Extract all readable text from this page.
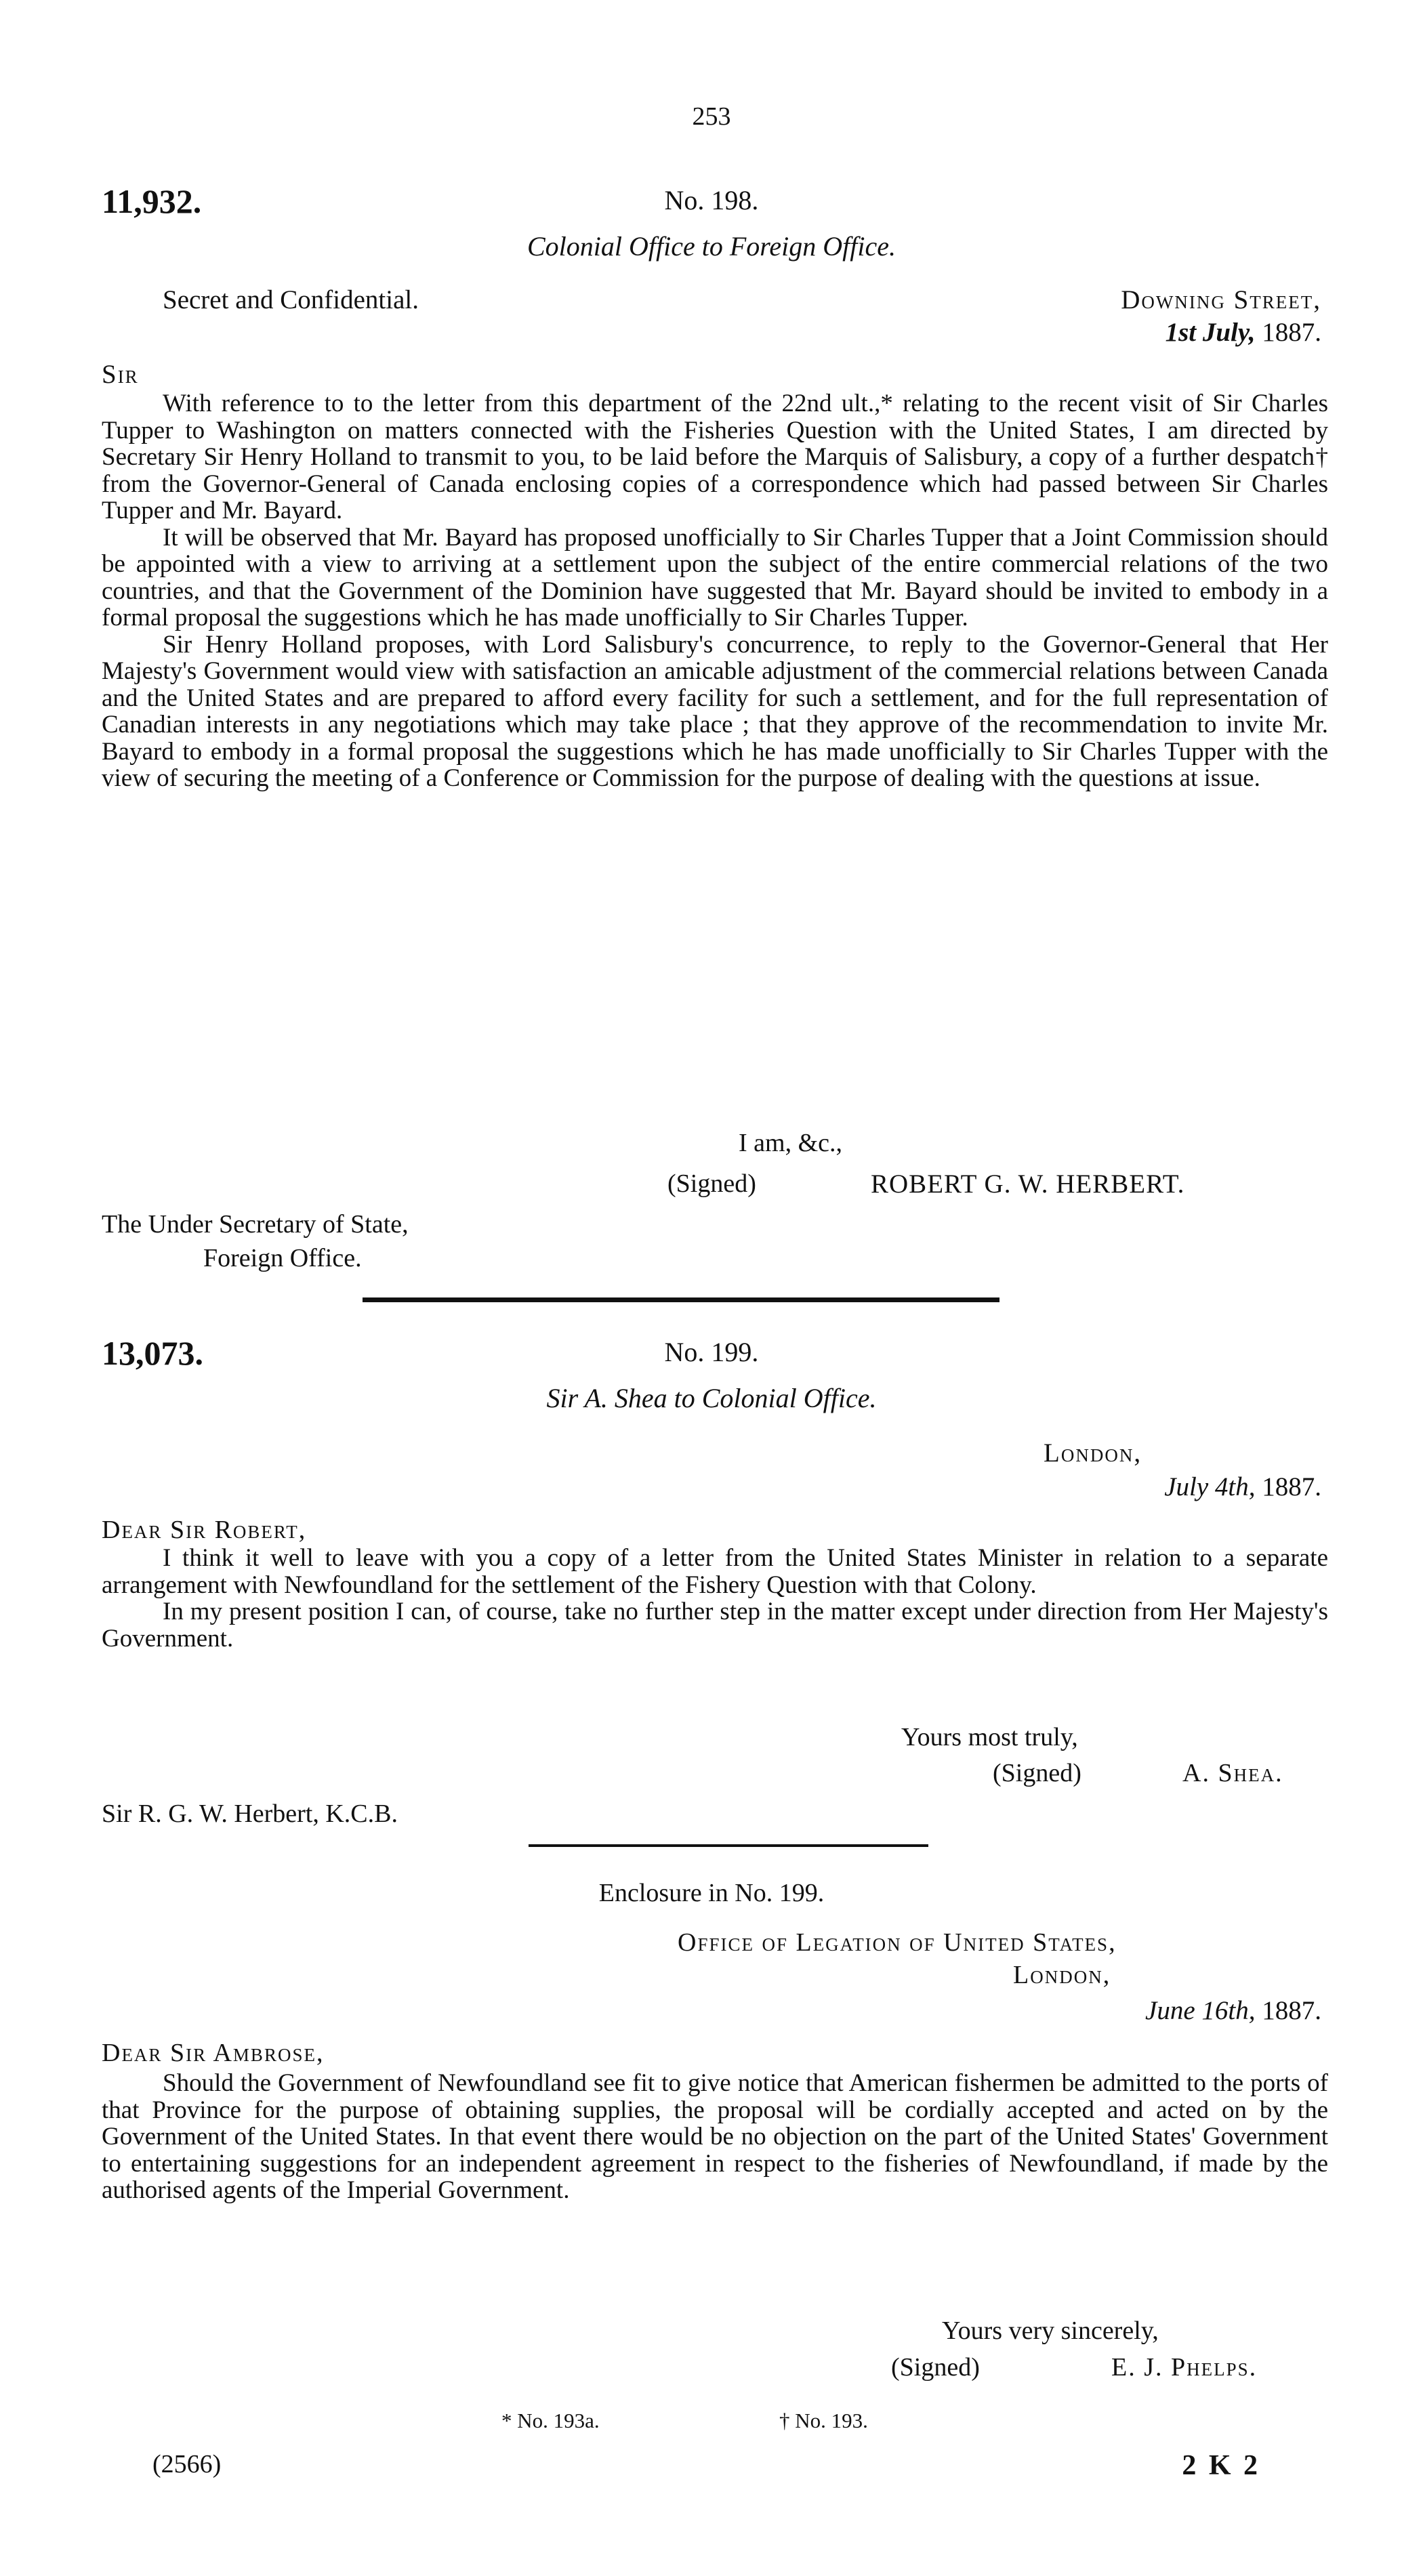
253
11,932.	No. 198.
Colonial Office to Foreign Office.
Secret and Confidential.	Downing Street,
1st July, 1887.
Sir

With reference to to the letter from this department of the 22nd ult.,* relating to the recent visit of Sir Charles Tupper to Washington on matters connected with the Fisheries Question with the United States, I am directed by Secretary Sir Henry Holland to transmit to you, to be laid before the Marquis of Salisbury, a copy of a further despatch† from the Governor-General of Canada enclosing copies of a correspondence which had passed between Sir Charles Tupper and Mr. Bayard.

It will be observed that Mr. Bayard has proposed unofficially to Sir Charles Tupper that a Joint Commission should be appointed with a view to arriving at a settlement upon the subject of the entire commercial relations of the two countries, and that the Government of the Dominion have suggested that Mr. Bayard should be invited to embody in a formal proposal the suggestions which he has made unofficially to Sir Charles Tupper.

Sir Henry Holland proposes, with Lord Salisbury's concurrence, to reply to the Governor-General that Her Majesty's Government would view with satisfaction an amicable adjustment of the commercial relations between Canada and the United States and are prepared to afford every facility for such a settlement, and for the full representation of Canadian interests in any negotiations which may take place ; that they approve of the recommendation to invite Mr. Bayard to embody in a formal proposal the suggestions which he has made unofficially to Sir Charles Tupper with the view of securing the meeting of a Conference or Commission for the purpose of dealing with the questions at issue.

I am, &c.,
(Signed)	ROBERT G. W. HERBERT.
The Under Secretary of State,
Foreign Office.
13,073.	No. 199.
Sir A. Shea to Colonial Office.
London,
July 4th, 1887.
Dear Sir Robert,

I think it well to leave with you a copy of a letter from the United States Minister in relation to a separate arrangement with Newfoundland for the settlement of the Fishery Question with that Colony.

In my present position I can, of course, take no further step in the matter except under direction from Her Majesty's Government.

Yours most truly,
(Signed)	A. Shea.
Sir R. G. W. Herbert, K.C.B.
Enclosure in No. 199.
Office of Legation of United States,
London,
June 16th, 1887.
Dear Sir Ambrose,

Should the Government of Newfoundland see fit to give notice that American fishermen be admitted to the ports of that Province for the purpose of obtaining supplies, the proposal will be cordially accepted and acted on by the Government of the United States. In that event there would be no objection on the part of the United States' Government to entertaining suggestions for an independent agreement in respect to the fisheries of Newfoundland, if made by the authorised agents of the Imperial Government.

Yours very sincerely,
(Signed)	E. J. Phelps.
* No. 193a.	† No. 193.
(2566)	2 K 2
